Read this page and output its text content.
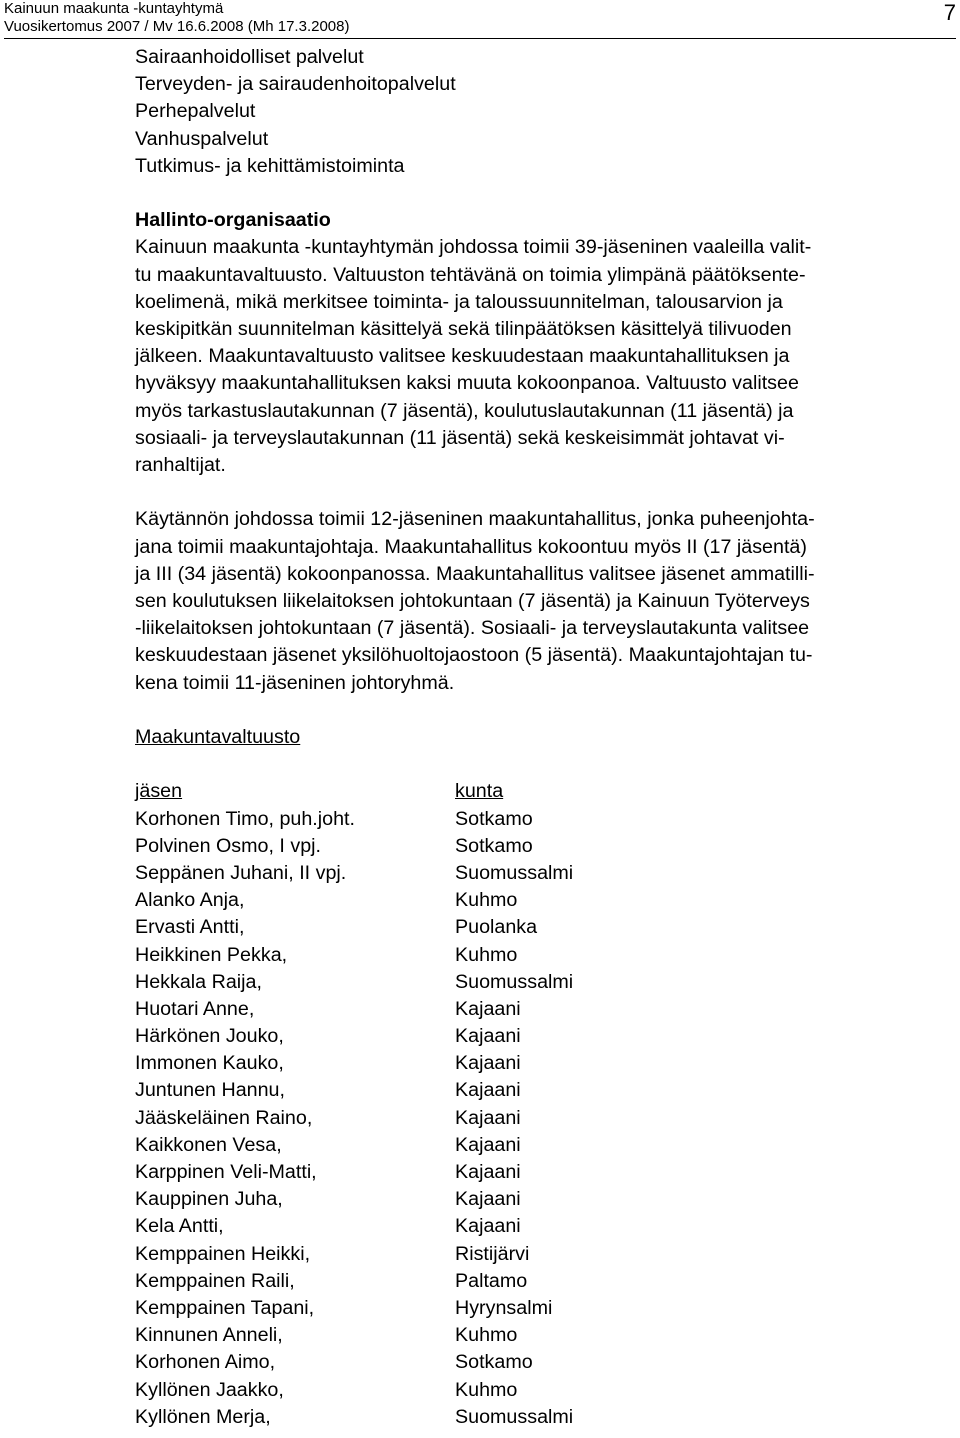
Kainuun maakunta -kuntayhtymä
Vuosikertomus 2007 / Mv 16.6.2008 (Mh 17.3.2008)
7
Sairaanhoidolliset palvelut
Terveyden- ja sairaudenhoitopalvelut
Perhepalvelut
Vanhuspalvelut
Tutkimus- ja kehittämistoiminta
Hallinto-organisaatio
Kainuun maakunta -kuntayhtymän johdossa toimii 39-jäseninen vaaleilla valit-
tu maakuntavaltuusto. Valtuuston tehtävänä on toimia ylimpänä päätöksente-
koelimenä, mikä merkitsee toiminta- ja taloussuunnitelman, talousarvion ja
keskipitkän suunnitelman käsittelyä sekä tilinpäätöksen käsittelyä tilivuoden
jälkeen. Maakuntavaltuusto valitsee keskuudestaan maakuntahallituksen ja
hyväksyy maakuntahallituksen kaksi muuta kokoonpanoa. Valtuusto valitsee
myös tarkastuslautakunnan (7 jäsentä), koulutuslautakunnan (11 jäsentä) ja
sosiaali- ja terveyslautakunnan (11 jäsentä) sekä keskeisimmät johtavat vi-
ranhaltijat.
Käytännön johdossa toimii 12-jäseninen maakuntahallitus, jonka puheenjohta-
jana toimii maakuntajohtaja. Maakuntahallitus kokoontuu myös II (17 jäsentä)
ja III (34 jäsentä) kokoonpanossa. Maakuntahallitus valitsee jäsenet ammatilli-
sen koulutuksen liikelaitoksen johtokuntaan (7 jäsentä) ja Kainuun Työterveys
-liikelaitoksen johtokuntaan (7 jäsentä). Sosiaali- ja terveyslautakunta valitsee
keskuudestaan jäsenet yksilöhuoltojaostoon (5 jäsentä). Maakuntajohtajan tu-
kena toimii 11-jäseninen johtoryhmä.
Maakuntavaltuusto
jäsen	kunta
Korhonen Timo, puh.joht.	Sotkamo
Polvinen Osmo, I vpj.	Sotkamo
Seppänen Juhani, II vpj.	Suomussalmi
Alanko Anja,	Kuhmo
Ervasti Antti,	Puolanka
Heikkinen Pekka,	Kuhmo
Hekkala Raija,	Suomussalmi
Huotari Anne,	Kajaani
Härkönen Jouko,	Kajaani
Immonen Kauko,	Kajaani
Juntunen Hannu,	Kajaani
Jääskeläinen Raino,	Kajaani
Kaikkonen Vesa,	Kajaani
Karppinen Veli-Matti,	Kajaani
Kauppinen Juha,	Kajaani
Kela Antti,	Kajaani
Kemppainen Heikki,	Ristijärvi
Kemppainen Raili,	Paltamo
Kemppainen Tapani,	Hyrynsalmi
Kinnunen Anneli,	Kuhmo
Korhonen Aimo,	Sotkamo
Kyllönen Jaakko,	Kuhmo
Kyllönen Merja,	Suomussalmi
